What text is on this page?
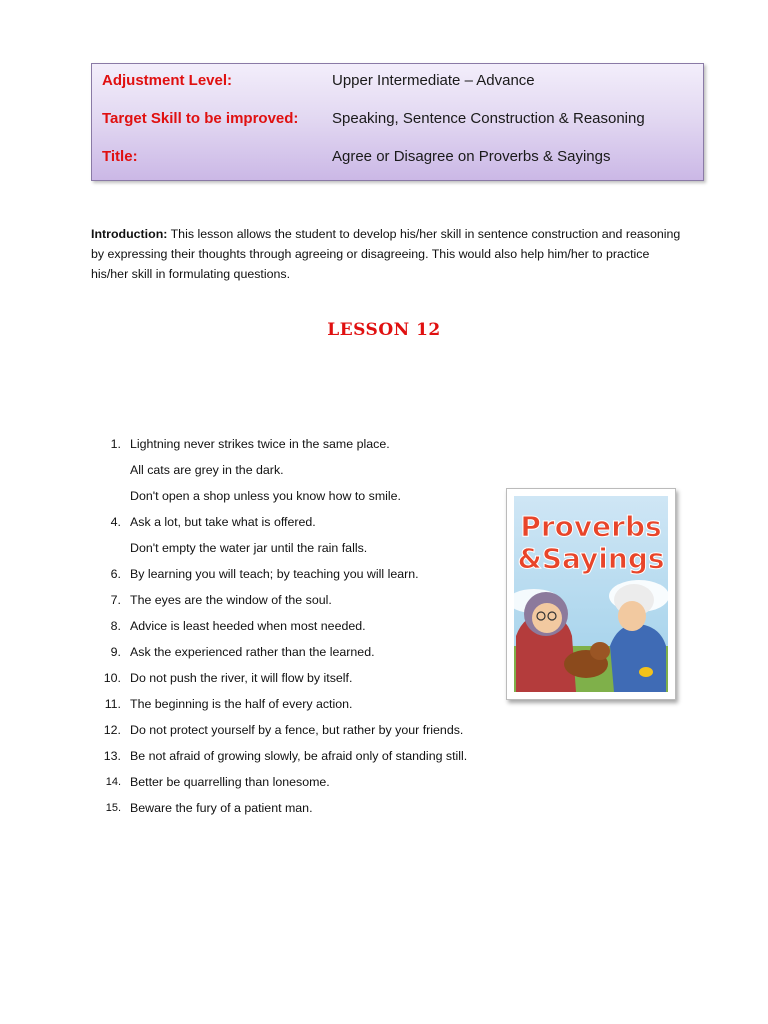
Adjustment Level:	Upper Intermediate – Advance
Target Skill to be improved: Speaking, Sentence Construction & Reasoning
Title:	Agree or Disagree on Proverbs & Sayings

Introduction: This lesson allows the student to develop his/her skill in sentence construction and reasoning by expressing their thoughts through agreeing or disagreeing. This would also help him/her to practice his/her skill in formulating questions.

LESSON 12
1. Lightning never strikes twice in the same place.
All cats are grey in the dark.
Don't open a shop unless you know how to smile.
4. Ask a lot, but take what is offered.
Don't empty the water jar until the rain falls.
6. By learning you will teach; by teaching you will learn.
7. The eyes are the window of the soul.
8. Advice is least heeded when most needed.
9. Ask the experienced rather than the learned.
10. Do not push the river, it will flow by itself.
11. The beginning is the half of every action.
12. Do not protect yourself by a fence, but rather by your friends.
13. Be not afraid of growing slowly, be afraid only of standing still.
14. Better be quarrelling than lonesome.
15. Beware the fury of a patient man.
Proverbs
&Sayings
